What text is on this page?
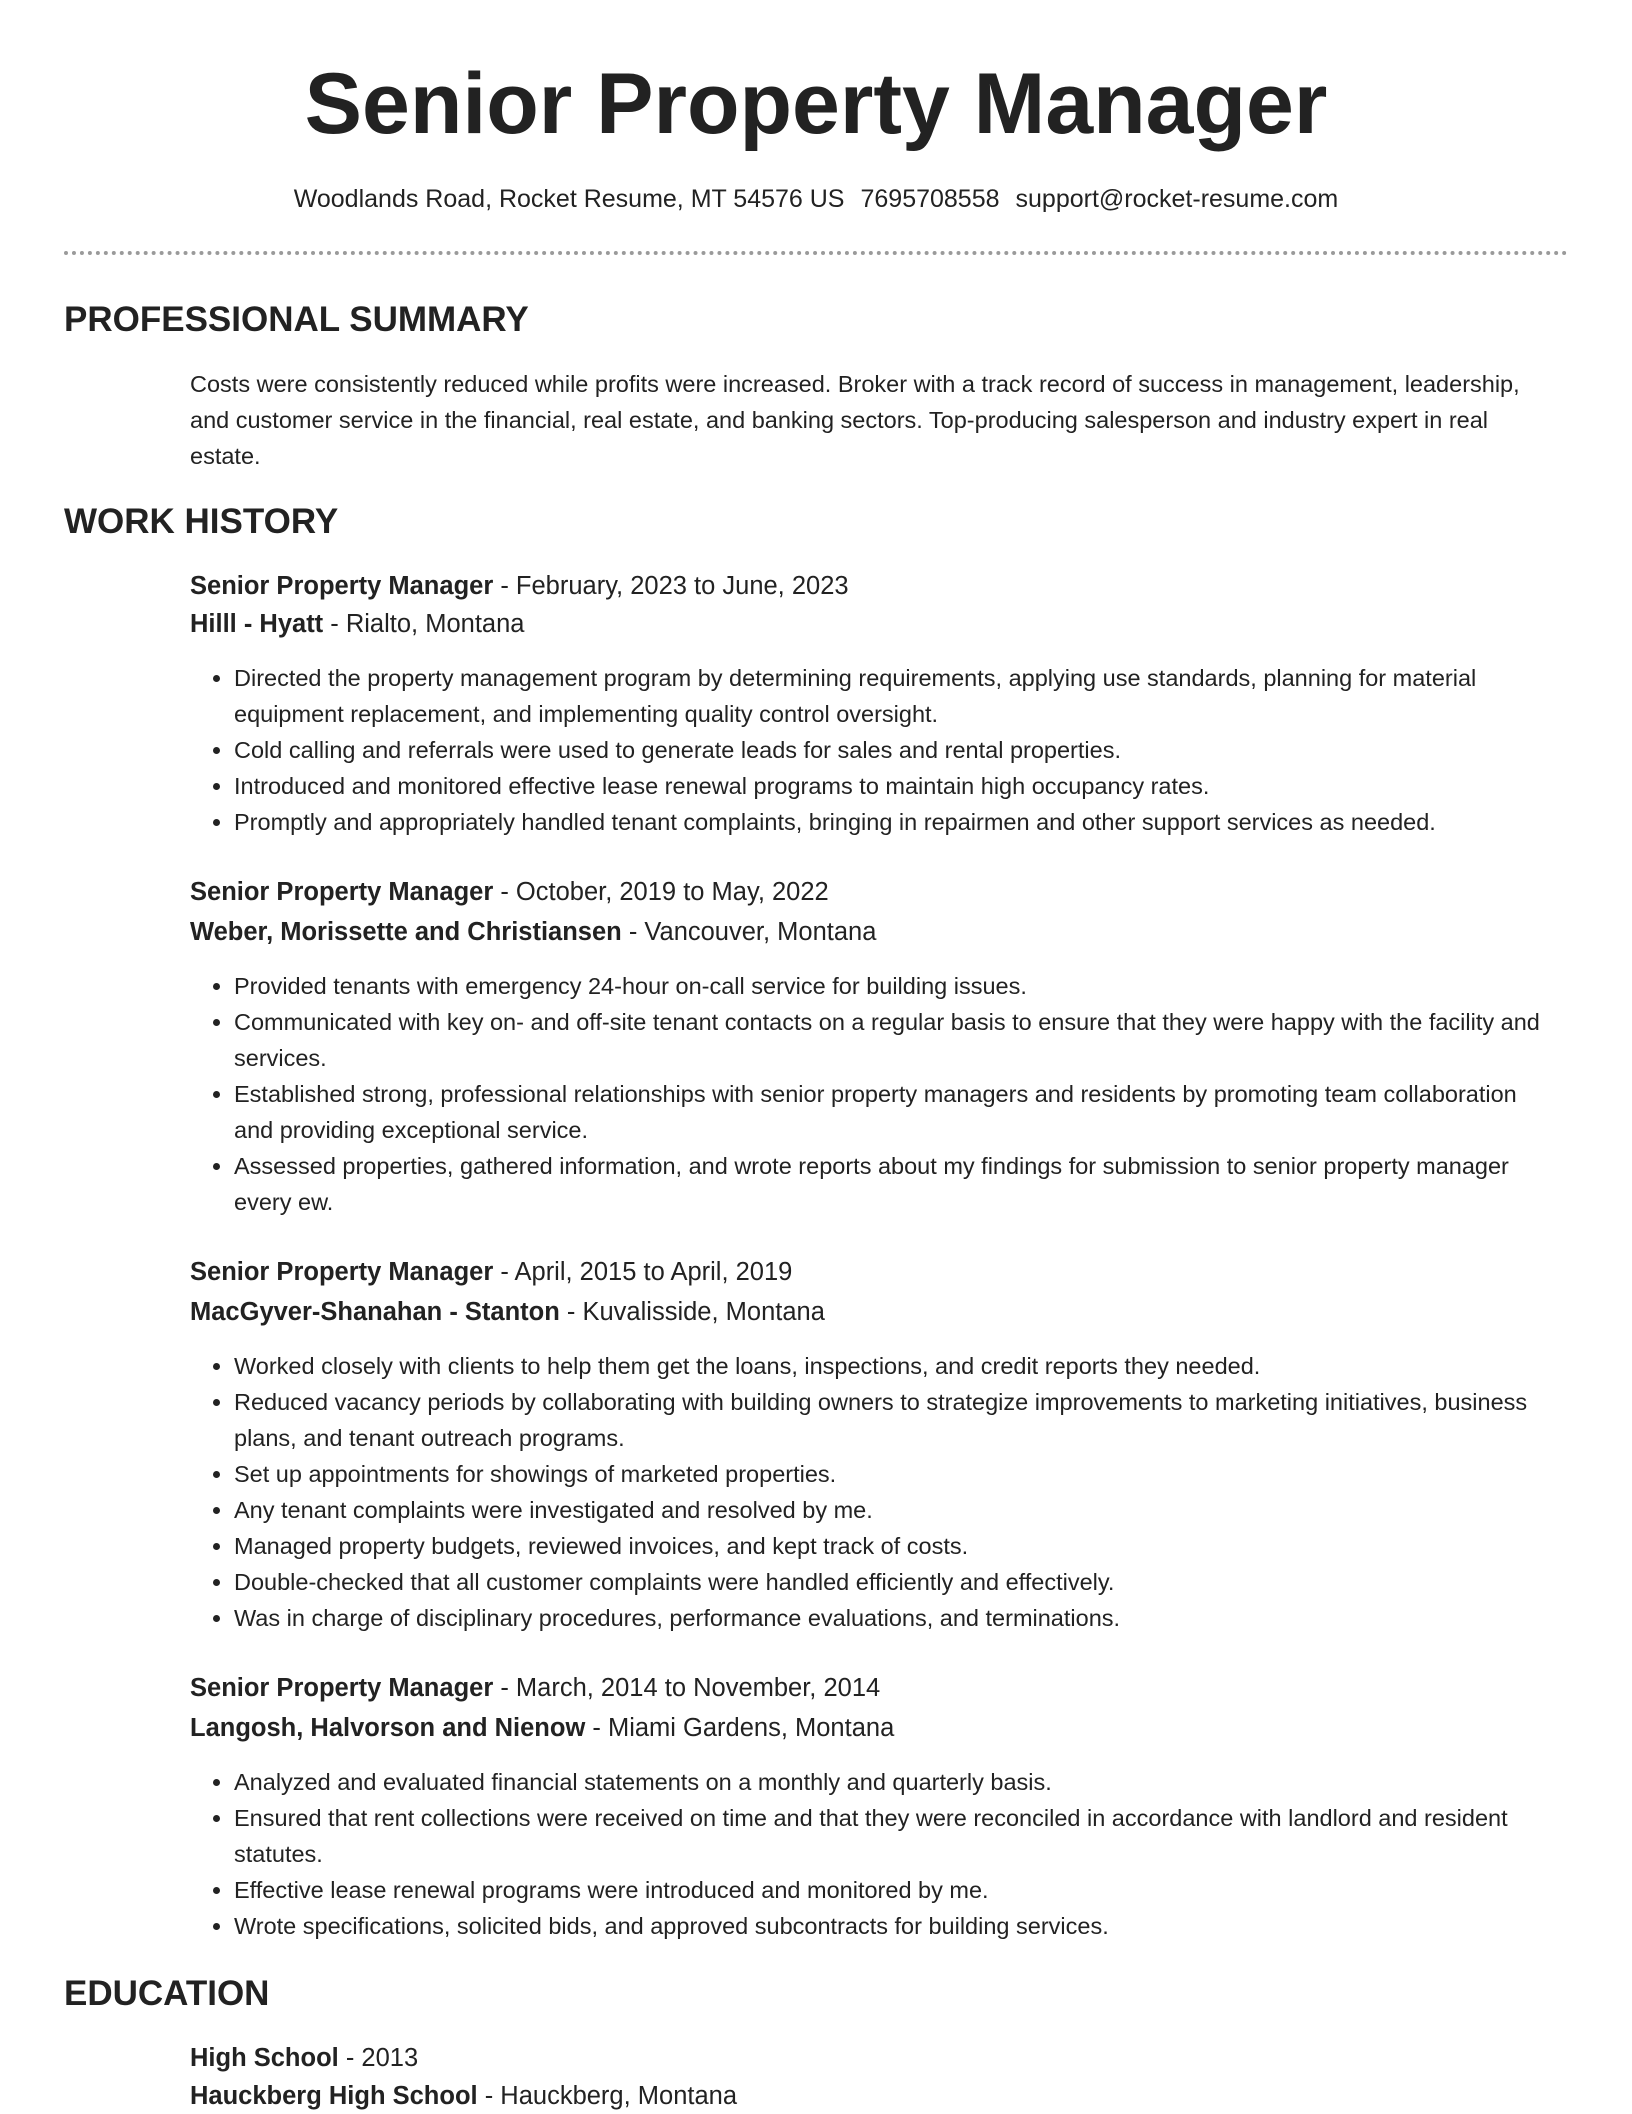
Senior Property Manager
Woodlands Road, Rocket Resume, MT 54576 US 7695708558 support@rocket-resume.com
PROFESSIONAL SUMMARY
Costs were consistently reduced while profits were increased. Broker with a track record of success in management, leadership, and customer service in the financial, real estate, and banking sectors. Top-producing salesperson and industry expert in real estate.
WORK HISTORY
Senior Property Manager - February, 2023 to June, 2023
Hilll - Hyatt - Rialto, Montana
• Directed the property management program by determining requirements, applying use standards, planning for material equipment replacement, and implementing quality control oversight.
• Cold calling and referrals were used to generate leads for sales and rental properties.
• Introduced and monitored effective lease renewal programs to maintain high occupancy rates.
• Promptly and appropriately handled tenant complaints, bringing in repairmen and other support services as needed.
Senior Property Manager - October, 2019 to May, 2022
Weber, Morissette and Christiansen - Vancouver, Montana
• Provided tenants with emergency 24-hour on-call service for building issues.
• Communicated with key on- and off-site tenant contacts on a regular basis to ensure that they were happy with the facility and services.
• Established strong, professional relationships with senior property managers and residents by promoting team collaboration and providing exceptional service.
• Assessed properties, gathered information, and wrote reports about my findings for submission to senior property manager every ew.
Senior Property Manager - April, 2015 to April, 2019
MacGyver-Shanahan - Stanton - Kuvalisside, Montana
• Worked closely with clients to help them get the loans, inspections, and credit reports they needed.
• Reduced vacancy periods by collaborating with building owners to strategize improvements to marketing initiatives, business plans, and tenant outreach programs.
• Set up appointments for showings of marketed properties.
• Any tenant complaints were investigated and resolved by me.
• Managed property budgets, reviewed invoices, and kept track of costs.
• Double-checked that all customer complaints were handled efficiently and effectively.
• Was in charge of disciplinary procedures, performance evaluations, and terminations.
Senior Property Manager - March, 2014 to November, 2014
Langosh, Halvorson and Nienow - Miami Gardens, Montana
• Analyzed and evaluated financial statements on a monthly and quarterly basis.
• Ensured that rent collections were received on time and that they were reconciled in accordance with landlord and resident statutes.
• Effective lease renewal programs were introduced and monitored by me.
• Wrote specifications, solicited bids, and approved subcontracts for building services.
EDUCATION
High School - 2013
Hauckberg High School - Hauckberg, Montana
